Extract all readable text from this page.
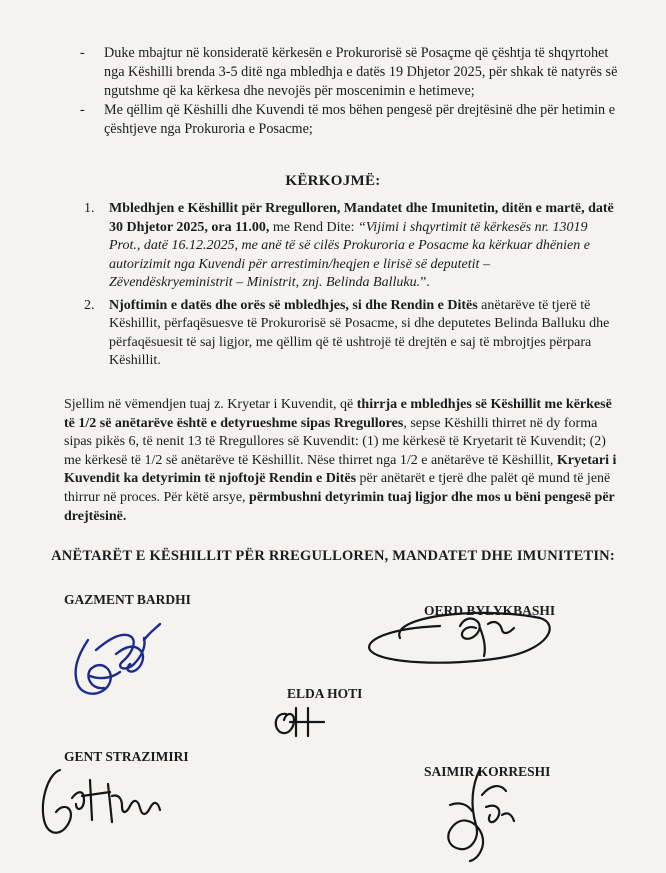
-	Duke mbajtur në konsideratë kërkesën e Prokurorisë së Posaçme që çështja të shqyrtohet nga Këshilli brenda 3-5 ditë nga mbledhja e datës 19 Dhjetor 2025, për shkak të natyrës së ngutshme që ka kërkesa dhe nevojës për moscenimin e hetimeve;
-	Me qëllim që Këshilli dhe Kuvendi të mos bëhen pengesë për drejtësinë dhe për hetimin e çështjeve nga Prokuroria e Posacme;
KËRKOJMË:
1.	Mbledhjen e Këshillit për Rregulloren, Mandatet dhe Imunitetin, ditën e martë, datë 30 Dhjetor 2025, ora 11.00, me Rend Dite: “Vijimi i shqyrtimit të kërkesës nr. 13019 Prot., datë 16.12.2025, me anë të së cilës Prokuroria e Posacme ka kërkuar dhënien e autorizimit nga Kuvendi për arrestimin/heqjen e lirisë së deputetit – Zëvendëskryeministrit – Ministrit, znj. Belinda Balluku.”.
2.	Njoftimin e datës dhe orës së mbledhjes, si dhe Rendin e Ditës anëtarëve të tjerë të Këshillit, përfaqësuesve të Prokurorisë së Posacme, si dhe deputetes Belinda Balluku dhe përfaqësuesit të saj ligjor, me qëllim që të ushtrojë të drejtën e saj të mbrojtjes përpara Këshillit.
Sjellim në vëmendjen tuaj z. Kryetar i Kuvendit, që thirrja e mbledhjes së Këshillit me kërkesë të 1/2 së anëtarëve është e detyrueshme sipas Rregullores, sepse Këshilli thirret në dy forma sipas pikës 6, të nenit 13 të Rregullores së Kuvendit: (1) me kërkesë të Kryetarit të Kuvendit; (2) me kërkesë të 1/2 së anëtarëve të Këshillit. Nëse thirret nga 1/2 e anëtarëve të Këshillit, Kryetari i Kuvendit ka detyrimin të njoftojë Rendin e Ditës për anëtarët e tjerë dhe palët që mund të jenë thirrur në proces. Për këtë arsye, përmbushni detyrimin tuaj ligjor dhe mos u bëni pengesë për drejtësinë.
ANËTARËT E KËSHILLIT PËR RREGULLOREN, MANDATET DHE IMUNITETIN:
GAZMENT BARDHI
OERD BYLYKBASHI
ELDA HOTI
GENT STRAZIMIRI
SAIMIR KORRESHI
